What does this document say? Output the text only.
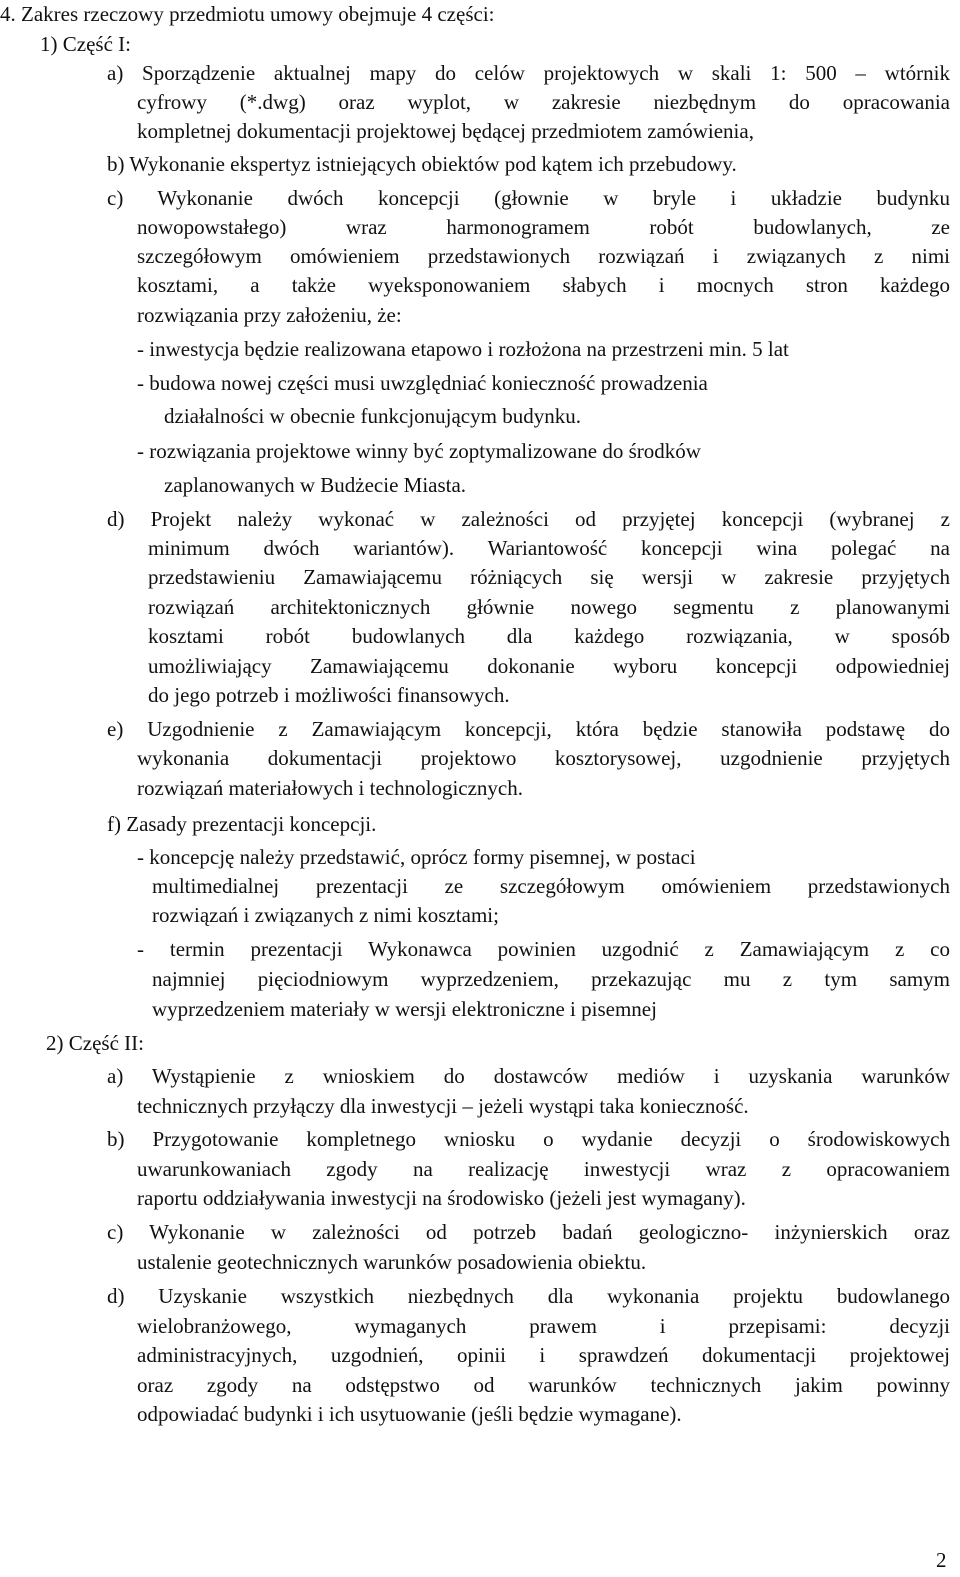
4. Zakres rzeczowy przedmiotu umowy obejmuje 4 części:
1) Część I:
a) Sporządzenie aktualnej mapy do celów projektowych w skali 1: 500 – wtórnik
cyfrowy (*.dwg) oraz wyplot, w zakresie niezbędnym do opracowania
kompletnej dokumentacji projektowej będącej przedmiotem zamówienia,
b) Wykonanie ekspertyz istniejących obiektów pod kątem ich przebudowy.
c) Wykonanie dwóch koncepcji (głownie w bryle i układzie budynku
nowopowstałego) wraz harmonogramem robót budowlanych, ze
szczegółowym omówieniem przedstawionych rozwiązań i związanych z nimi
kosztami, a także wyeksponowaniem słabych i mocnych stron każdego
rozwiązania przy założeniu, że:
- inwestycja będzie realizowana etapowo i rozłożona na przestrzeni min. 5 lat
- budowa nowej części musi uwzględniać konieczność prowadzenia
działalności w obecnie funkcjonującym budynku.
- rozwiązania projektowe winny być zoptymalizowane do środków
zaplanowanych w Budżecie Miasta.
d) Projekt należy wykonać w zależności od przyjętej koncepcji (wybranej z
minimum dwóch wariantów). Wariantowość koncepcji wina polegać na
przedstawieniu Zamawiającemu różniących się wersji w zakresie przyjętych
rozwiązań architektonicznych głównie nowego segmentu z planowanymi
kosztami robót budowlanych dla każdego rozwiązania, w sposób
umożliwiający Zamawiającemu dokonanie wyboru koncepcji odpowiedniej
do jego potrzeb i możliwości finansowych.
e) Uzgodnienie z Zamawiającym koncepcji, która będzie stanowiła podstawę do
wykonania dokumentacji projektowo kosztorysowej, uzgodnienie przyjętych
rozwiązań materiałowych i technologicznych.
f) Zasady prezentacji koncepcji.
- koncepcję należy przedstawić, oprócz formy pisemnej, w postaci
multimedialnej prezentacji ze szczegółowym omówieniem przedstawionych
rozwiązań i związanych z nimi kosztami;
- termin prezentacji Wykonawca powinien uzgodnić z Zamawiającym z co
najmniej pięciodniowym wyprzedzeniem, przekazując mu z tym samym
wyprzedzeniem materiały w wersji elektroniczne i pisemnej
2) Część II:
a) Wystąpienie z wnioskiem do dostawców mediów i uzyskania warunków
technicznych przyłączy dla inwestycji – jeżeli wystąpi taka konieczność.
b) Przygotowanie kompletnego wniosku o wydanie decyzji o środowiskowych
uwarunkowaniach zgody na realizację inwestycji wraz z opracowaniem
raportu oddziaływania inwestycji na środowisko (jeżeli jest wymagany).
c) Wykonanie w zależności od potrzeb badań geologiczno- inżynierskich oraz
ustalenie geotechnicznych warunków posadowienia obiektu.
d) Uzyskanie wszystkich niezbędnych dla wykonania projektu budowlanego
wielobranżowego, wymaganych prawem i przepisami: decyzji
administracyjnych, uzgodnień, opinii i sprawdzeń dokumentacji projektowej
oraz zgody na odstępstwo od warunków technicznych jakim powinny
odpowiadać budynki i ich usytuowanie (jeśli będzie wymagane).
2
